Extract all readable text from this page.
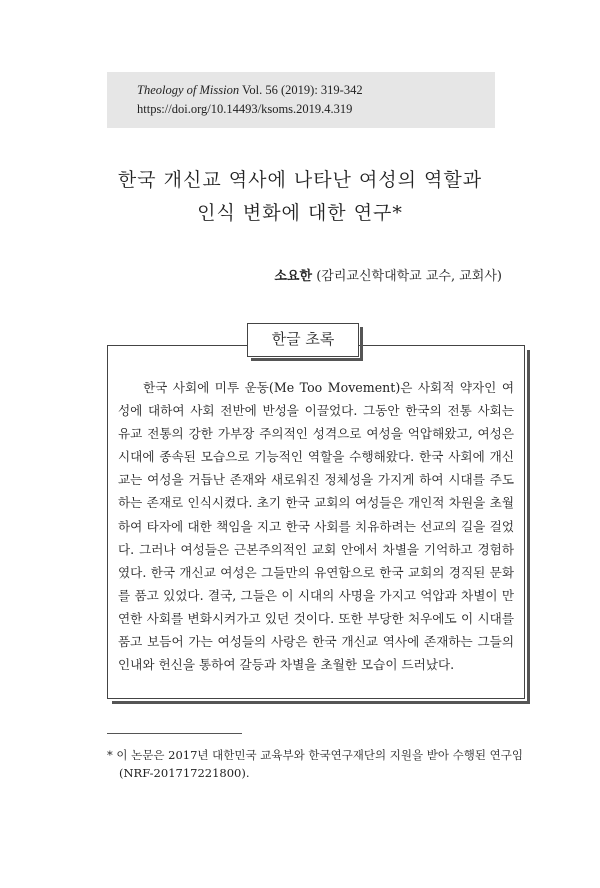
Theology of Mission Vol. 56 (2019): 319-342
https://doi.org/10.14493/ksoms.2019.4.319
한국 개신교 역사에 나타난 여성의 역할과
인식 변화에 대한 연구*
소요한 (감리교신학대학교 교수, 교회사)
한글 초록

한국 사회에 미투 운동(Me Too Movement)은 사회적 약자인 여성에 대하여 사회 전반에 반성을 이끌었다. 그동안 한국의 전통 사회는 유교 전통의 강한 가부장 주의적인 성격으로 여성을 억압해왔고, 여성은 시대에 종속된 모습으로 기능적인 역할을 수행해왔다. 한국 사회에 개신교는 여성을 거듭난 존재와 새로워진 정체성을 가지게 하여 시대를 주도하는 존재로 인식시켰다. 초기 한국 교회의 여성들은 개인적 차원을 초월하여 타자에 대한 책임을 지고 한국 사회를 치유하려는 선교의 길을 걸었다. 그러나 여성들은 근본주의적인 교회 안에서 차별을 기억하고 경험하였다. 한국 개신교 여성은 그들만의 유연함으로 한국 교회의 경직된 문화를 품고 있었다. 결국, 그들은 이 시대의 사명을 가지고 억압과 차별이 만연한 사회를 변화시켜가고 있던 것이다. 또한 부당한 처우에도 이 시대를 품고 보듬어 가는 여성들의 사랑은 한국 개신교 역사에 존재하는 그들의 인내와 헌신을 통하여 갈등과 차별을 초월한 모습이 드러났다.

* 이 논문은 2017년 대한민국 교육부와 한국연구재단의 지원을 받아 수행된 연구임
(NRF-201717221800).
